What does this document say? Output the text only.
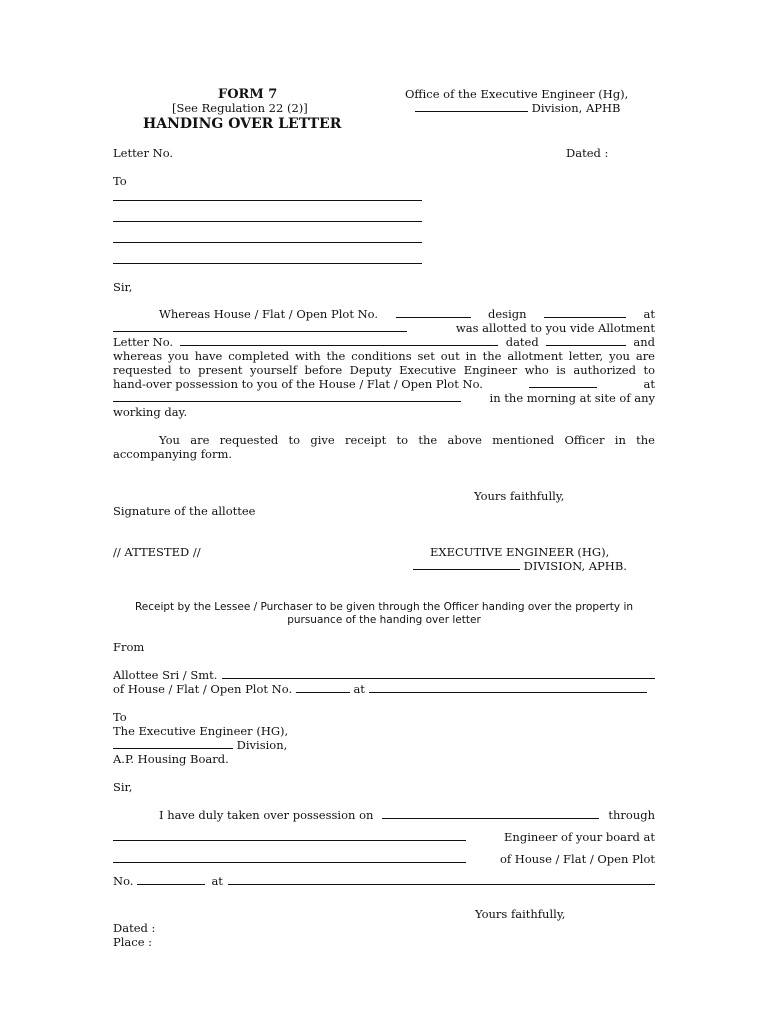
FORM 7
[See Regulation 22 (2)]
HANDING OVER LETTER
Office of the Executive Engineer (Hg),
Division, APHB
Letter No.	Dated :
To
Sir,
Whereas House / Flat / Open Plot No.	design	at
was allotted to you vide Allotment
Letter No.	dated	and
whereas you have completed with the conditions set out in the allotment letter, you are
requested to present yourself before Deputy Executive Engineer who is authorized to
hand-over possession to you of the House / Flat / Open Plot No.	at
in the morning at site of any
working day.
You are requested to give receipt to the above mentioned Officer in the
accompanying form.
Yours faithfully,
Signature of the allottee
// ATTESTED //	EXECUTIVE ENGINEER (HG),
DIVISION, APHB.
Receipt by the Lessee / Purchaser to be given through the Officer handing over the property in
pursuance of the handing over letter
From
Allottee Sri / Smt.
of House / Flat / Open Plot No.	at
To
The Executive Engineer (HG),
Division,
A.P. Housing Board.
Sir,
I have duly taken over possession on	through
Engineer of your board at
of House / Flat / Open Plot
No.	at
Yours faithfully,
Dated :
Place :
